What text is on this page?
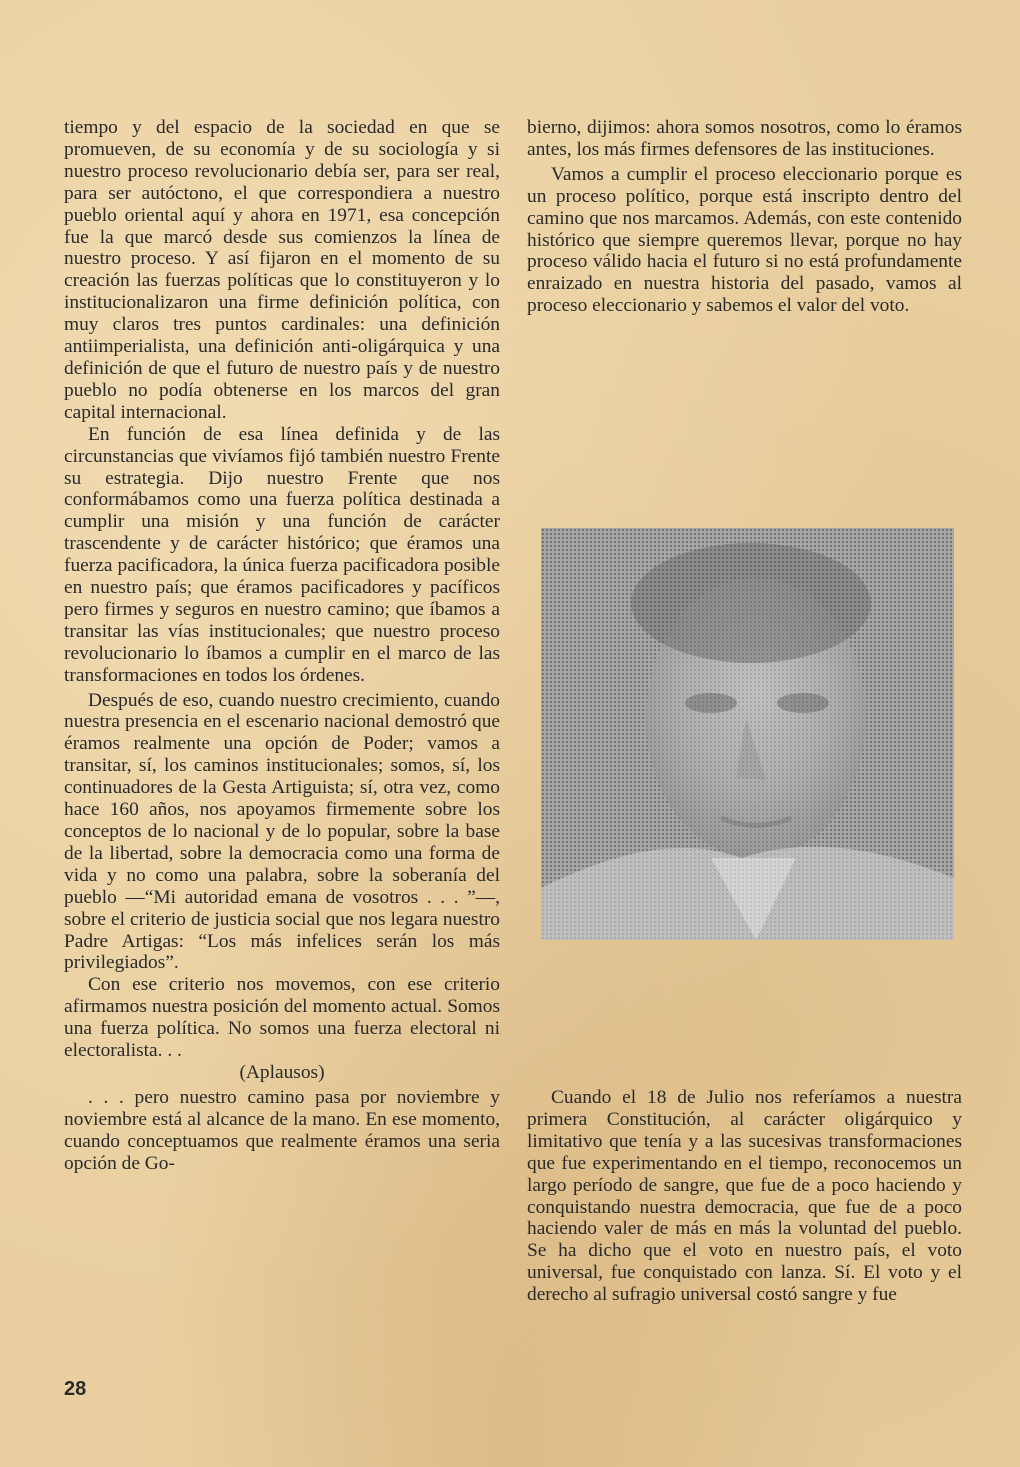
tiempo y del espacio de la sociedad en que se promueven, de su economía y de su sociología y si nuestro proceso revolucionario debía ser, para ser real, para ser autóctono, el que correspondiera a nuestro pueblo oriental aquí y ahora en 1971, esa concepción fue la que marcó desde sus comienzos la línea de nuestro proceso. Y así fijaron en el momento de su creación las fuerzas políticas que lo constituyeron y lo institucionalizaron una firme definición política, con muy claros tres puntos cardinales: una definición antiimperialista, una definición anti-oligárquica y una definición de que el futuro de nuestro país y de nuestro pueblo no podía obtenerse en los marcos del gran capital internacional.

En función de esa línea definida y de las circunstancias que vivíamos fijó también nuestro Frente su estrategia. Dijo nuestro Frente que nos conformábamos como una fuerza política destinada a cumplir una misión y una función de carácter trascendente y de carácter histórico; que éramos una fuerza pacificadora, la única fuerza pacificadora posible en nuestro país; que éramos pacificadores y pacíficos pero firmes y seguros en nuestro camino; que íbamos a transitar las vías institucionales; que nuestro proceso revolucionario lo íbamos a cumplir en el marco de las transformaciones en todos los órdenes.

Después de eso, cuando nuestro crecimiento, cuando nuestra presencia en el escenario nacional demostró que éramos realmente una opción de Poder; vamos a transitar, sí, los caminos institucionales; somos, sí, los continuadores de la Gesta Artiguista; sí, otra vez, como hace 160 años, nos apoyamos firmemente sobre los conceptos de lo nacional y de lo popular, sobre la base de la libertad, sobre la democracia como una forma de vida y no como una palabra, sobre la soberanía del pueblo —“Mi autoridad emana de vosotros . . . ”—, sobre el criterio de justicia social que nos legara nuestro Padre Artigas: “Los más infelices serán los más privilegiados”.

Con ese criterio nos movemos, con ese criterio afirmamos nuestra posición del momento actual. Somos una fuerza política. No somos una fuerza electoral ni electoralista. . .

(Aplausos)

. . . pero nuestro camino pasa por noviembre y noviembre está al alcance de la mano. En ese momento, cuando conceptuamos que realmente éramos una seria opción de Go-

bierno, dijimos: ahora somos nosotros, como lo éramos antes, los más firmes defensores de las instituciones.

Vamos a cumplir el proceso eleccionario porque es un proceso político, porque está inscripto dentro del camino que nos marcamos. Además, con este contenido histórico que siempre queremos llevar, porque no hay proceso válido hacia el futuro si no está profundamente enraizado en nuestra historia del pasado, vamos al proceso eleccionario y sabemos el valor del voto.

Cuando el 18 de Julio nos referíamos a nuestra primera Constitución, al carácter oligárquico y limitativo que tenía y a las sucesivas transformaciones que fue experimentando en el tiempo, reconocemos un largo período de sangre, que fue de a poco haciendo y conquistando nuestra democracia, que fue de a poco haciendo valer de más en más la voluntad del pueblo. Se ha dicho que el voto en nuestro país, el voto universal, fue conquistado con lanza. Sí. El voto y el derecho al sufragio universal costó sangre y fue

28
